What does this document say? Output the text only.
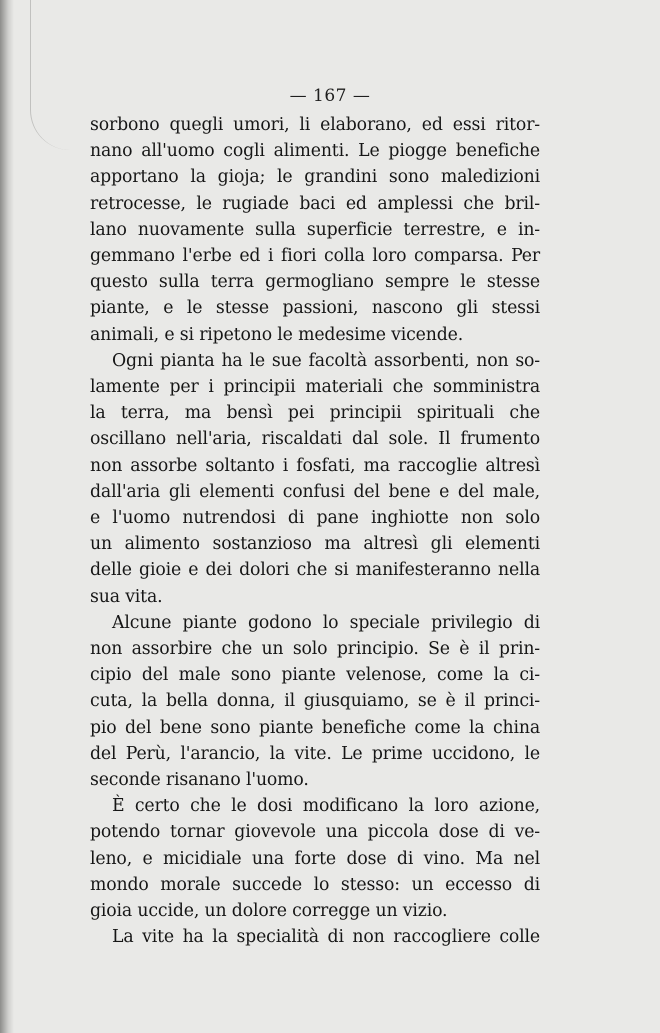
— 167 —
sorbono quegli umori, li elaborano, ed essi ritor-
nano all'uomo cogli alimenti. Le piogge benefiche
apportano la gioja; le grandini sono maledizioni
retrocesse, le rugiade baci ed amplessi che bril-
lano nuovamente sulla superficie terrestre, e in-
gemmano l'erbe ed i fiori colla loro comparsa. Per
questo sulla terra germogliano sempre le stesse
piante, e le stesse passioni, nascono gli stessi
animali, e si ripetono le medesime vicende.
Ogni pianta ha le sue facoltà assorbenti, non so-
lamente per i principii materiali che somministra
la terra, ma bensì pei principii spirituali che
oscillano nell'aria, riscaldati dal sole. Il frumento
non assorbe soltanto i fosfati, ma raccoglie altresì
dall'aria gli elementi confusi del bene e del male,
e l'uomo nutrendosi di pane inghiotte non solo
un alimento sostanzioso ma altresì gli elementi
delle gioie e dei dolori che si manifesteranno nella
sua vita.
Alcune piante godono lo speciale privilegio di
non assorbire che un solo principio. Se è il prin-
cipio del male sono piante velenose, come la ci-
cuta, la bella donna, il giusquiamo, se è il princi-
pio del bene sono piante benefiche come la china
del Perù, l'arancio, la vite. Le prime uccidono, le
seconde risanano l'uomo.
È certo che le dosi modificano la loro azione,
potendo tornar giovevole una piccola dose di ve-
leno, e micidiale una forte dose di vino. Ma nel
mondo morale succede lo stesso: un eccesso di
gioia uccide, un dolore corregge un vizio.
La vite ha la specialità di non raccogliere colle
